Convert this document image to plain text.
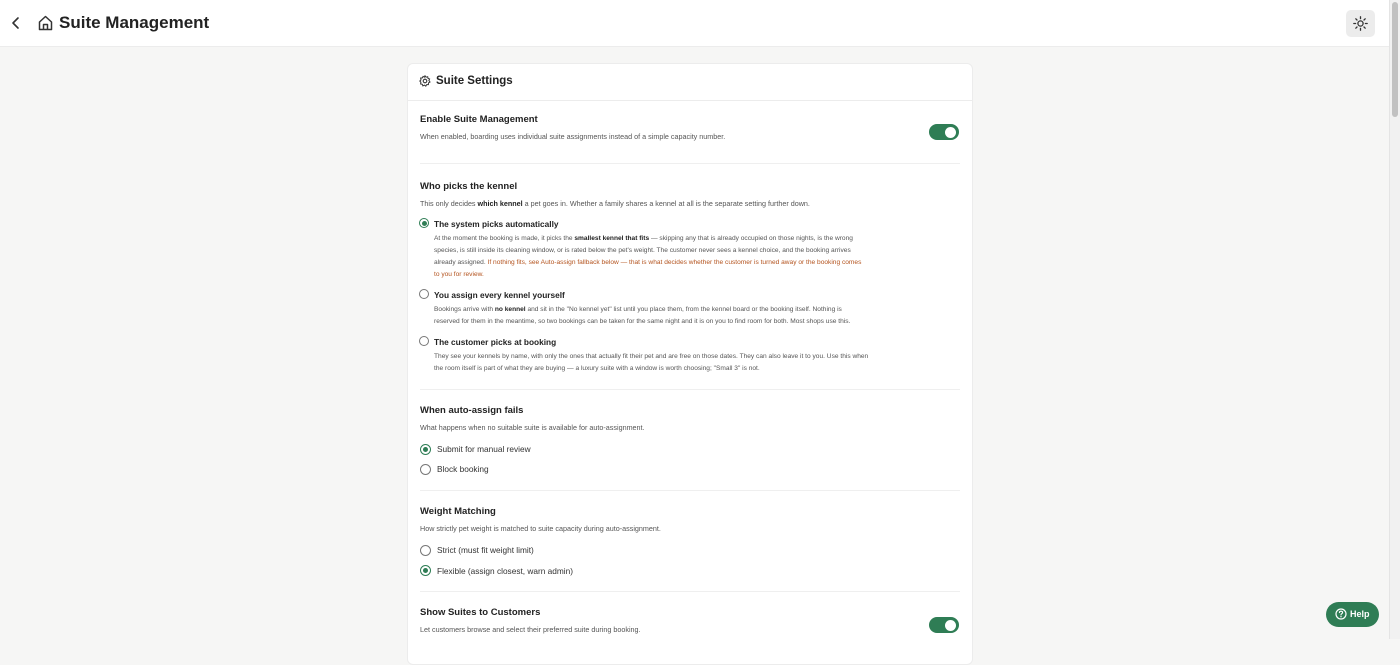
Suite Management
Suite Settings
Enable Suite Management
When enabled, boarding uses individual suite assignments instead of a simple capacity number.
Who picks the kennel
This only decides which kennel a pet goes in. Whether a family shares a kennel at all is the separate setting further down.
The system picks automatically
At the moment the booking is made, it picks the smallest kennel that fits — skipping any that is already occupied on those nights, is the wrong
species, is still inside its cleaning window, or is rated below the pet's weight. The customer never sees a kennel choice, and the booking arrives
already assigned. If nothing fits, see Auto-assign fallback below — that is what decides whether the customer is turned away or the booking comes
to you for review.
You assign every kennel yourself
Bookings arrive with no kennel and sit in the "No kennel yet" list until you place them, from the kennel board or the booking itself. Nothing is
reserved for them in the meantime, so two bookings can be taken for the same night and it is on you to find room for both. Most shops use this.
The customer picks at booking
They see your kennels by name, with only the ones that actually fit their pet and are free on those dates. They can also leave it to you. Use this when
the room itself is part of what they are buying — a luxury suite with a window is worth choosing; "Small 3" is not.
When auto-assign fails
What happens when no suitable suite is available for auto-assignment.
Submit for manual review
Block booking
Weight Matching
How strictly pet weight is matched to suite capacity during auto-assignment.
Strict (must fit weight limit)
Flexible (assign closest, warn admin)
Show Suites to Customers
Let customers browse and select their preferred suite during booking.
Help
